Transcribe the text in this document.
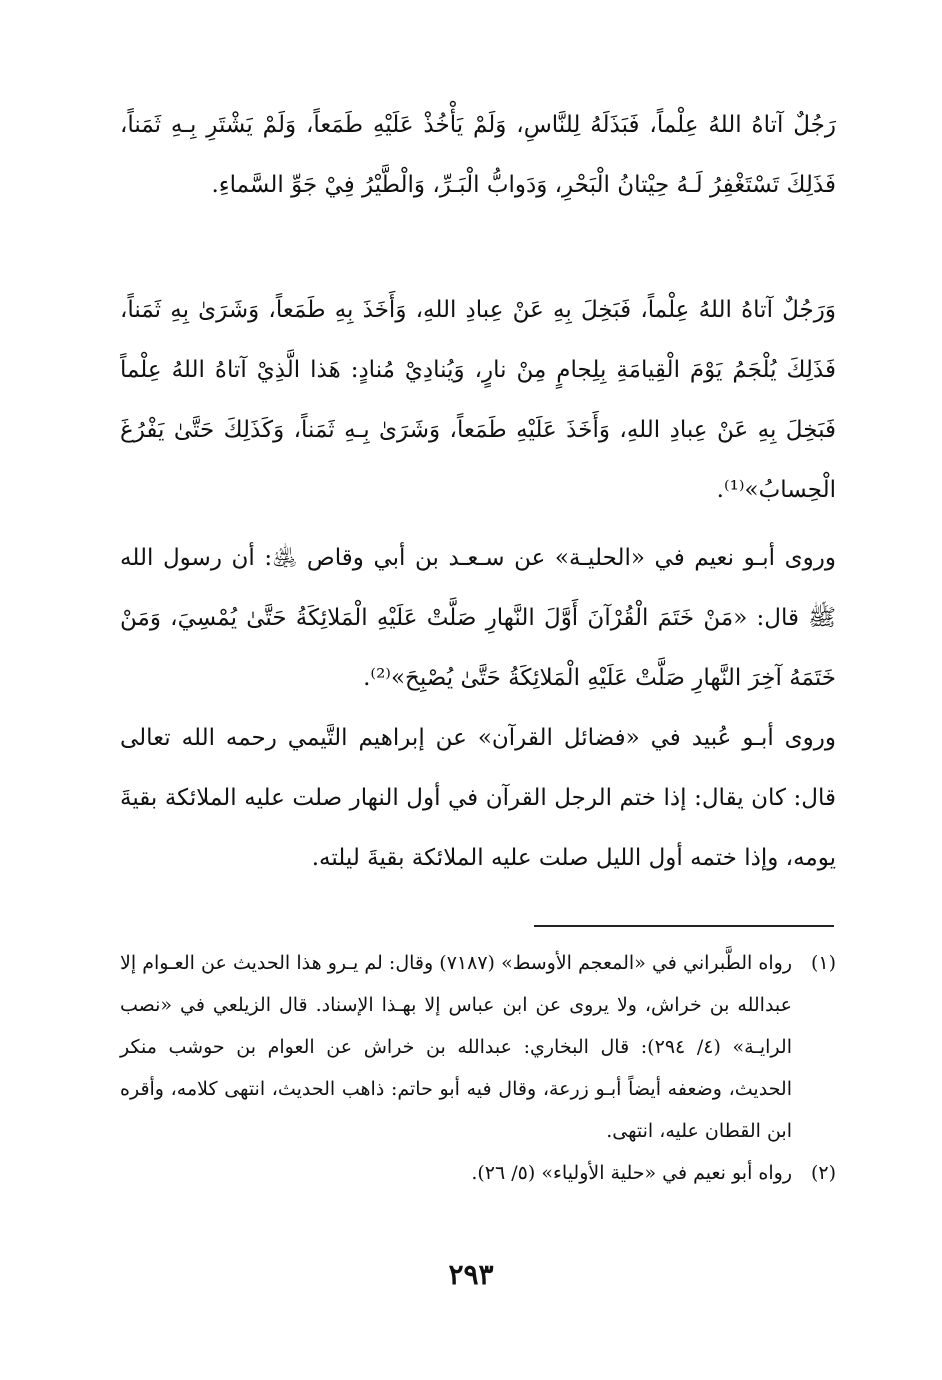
رَجُلٌ آتاهُ اللهُ عِلْماً، فَبَذَلَهُ لِلنَّاسِ، وَلَمْ يَأْخُذْ عَلَيْهِ طَمَعاً، وَلَمْ يَشْتَرِ بِـهِ ثَمَناً، فَذَلِكَ تَسْتَغْفِرُ لَـهُ حِيْتانُ الْبَحْرِ، وَدَوابُّ الْبَـرِّ، وَالْطَّيْرُ فِيْ جَوِّ السَّماءِ.

وَرَجُلٌ آتاهُ اللهُ عِلْماً، فَبَخِلَ بِهِ عَنْ عِبادِ اللهِ، وَأَخَذَ بِهِ طَمَعاً، وَشَرَىٰ بِهِ ثَمَناً، فَذَلِكَ يُلْجَمُ يَوْمَ الْقِيامَةِ بِلِجامٍ مِنْ نارٍ، وَيُنادِيْ مُنادٍ: هَذا الَّذِيْ آتاهُ اللهُ عِلْماً فَبَخِلَ بِهِ عَنْ عِبادِ اللهِ، وَأَخَذَ عَلَيْهِ طَمَعاً، وَشَرَىٰ بِـهِ ثَمَناً، وَكَذَلِكَ حَتَّىٰ يَفْرُغَ الْحِسابُ»⁽¹⁾.

وروى أبـو نعيم في «الحليـة» عن سـعـد بن أبي وقاص ﵁: أن رسول الله ﷺ قال: «مَنْ خَتَمَ الْقُرْآنَ أَوَّلَ النَّهارِ صَلَّتْ عَلَيْهِ الْمَلائِكَةُ حَتَّىٰ يُمْسِيَ، وَمَنْ خَتَمَهُ آخِرَ النَّهارِ صَلَّتْ عَلَيْهِ الْمَلائِكَةُ حَتَّىٰ يُصْبِحَ»⁽²⁾.

وروى أبـو عُبيد في «فضائل القرآن» عن إبراهيم التَّيمي رحمه الله تعالى قال: كان يقال: إذا ختم الرجل القرآن في أول النهار صلت عليه الملائكة بقيةَ يومه، وإذا ختمه أول الليل صلت عليه الملائكة بقيةَ ليلته.

(١)
رواه الطَّبراني في «المعجم الأوسط» (٧١٨٧) وقال: لم يـرو هذا الحديث عن العـوام إلا عبدالله بن خراش، ولا يروى عن ابن عباس إلا بهـذا الإسناد. قال الزيلعي في «نصب الرايـة» (٤/ ٢٩٤): قال البخاري: عبدالله بن خراش عن العوام بن حوشب منكر الحديث، وضعفه أيضاً أبـو زرعة، وقال فيه أبو حاتم: ذاهب الحديث، انتهى كلامه، وأقره ابن القطان عليه، انتهى.
(٢)
رواه أبو نعيم في «حلية الأولياء» (٥/ ٢٦).
٢٩٣
